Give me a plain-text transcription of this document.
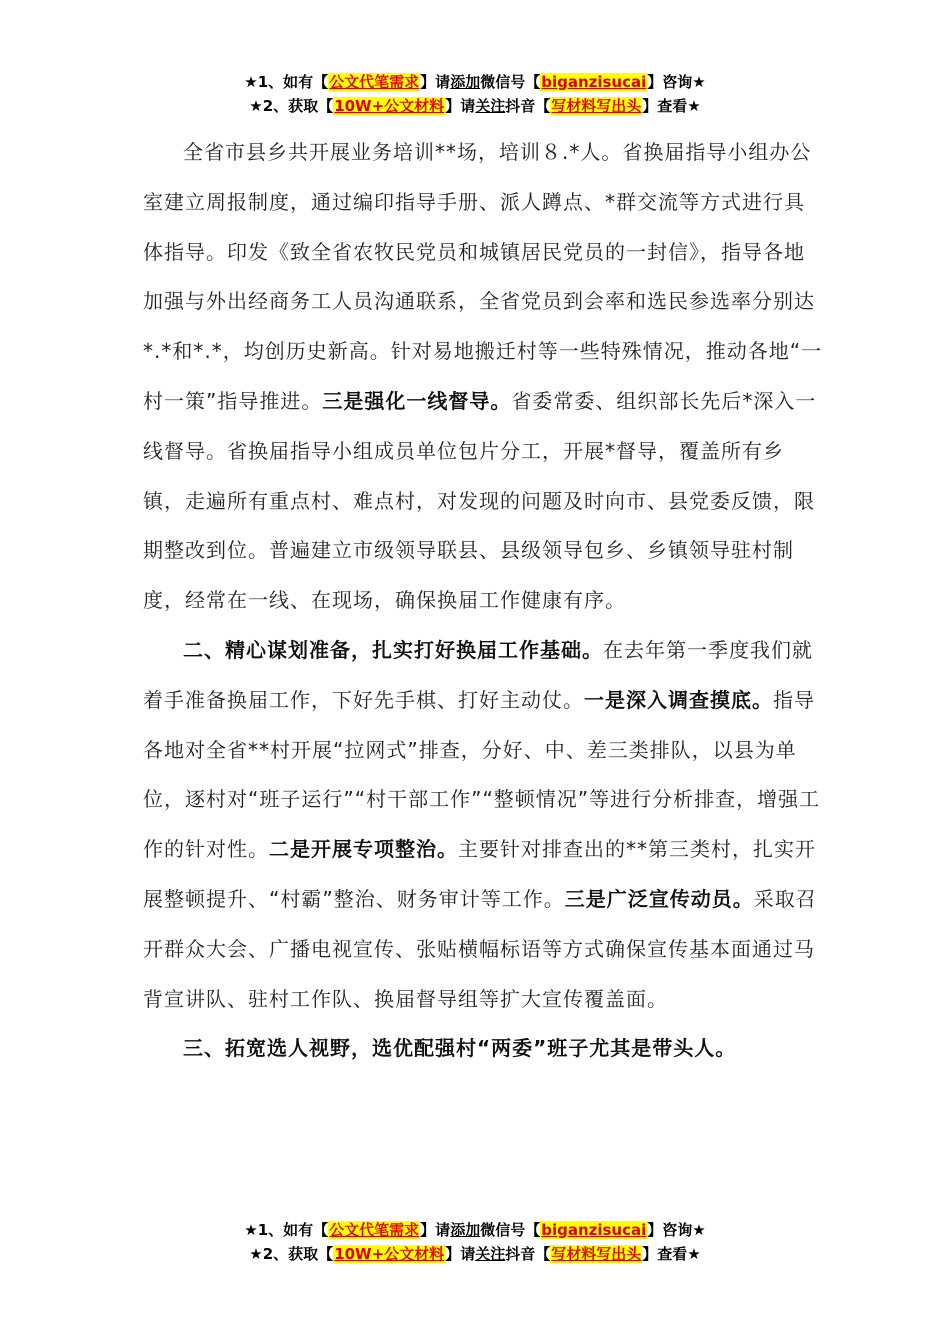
★1、如有【公文代笔需求】请添加微信号【biganzisucai】咨询★
★2、获取【10W+公文材料】请关注抖音【写材料写出头】查看★

全省市县乡共开展业务培训**场，培训８.*人。省换届指导小组办公室建立周报制度，通过编印指导手册、派人蹲点、*群交流等方式进行具体指导。印发《致全省农牧民党员和城镇居民党员的一封信》，指导各地加强与外出经商务工人员沟通联系，全省党员到会率和选民参选率分别达*.*和*.*，均创历史新高。针对易地搬迁村等一些特殊情况，推动各地“一村一策”指导推进。三是强化一线督导。省委常委、组织部长先后*深入一线督导。省换届指导小组成员单位包片分工，开展*督导，覆盖所有乡镇，走遍所有重点村、难点村，对发现的问题及时向市、县党委反馈，限期整改到位。普遍建立市级领导联县、县级领导包乡、乡镇领导驻村制度，经常在一线、在现场，确保换届工作健康有序。

二、精心谋划准备，扎实打好换届工作基础。在去年第一季度我们就着手准备换届工作，下好先手棋、打好主动仗。一是深入调查摸底。指导各地对全省**村开展“拉网式”排查，分好、中、差三类排队，以县为单位，逐村对“班子运行”“村干部工作”“整顿情况”等进行分析排查，增强工作的针对性。二是开展专项整治。主要针对排查出的**第三类村，扎实开展整顿提升、“村霸”整治、财务审计等工作。三是广泛宣传动员。采取召开群众大会、广播电视宣传、张贴横幅标语等方式确保宣传基本面通过马背宣讲队、驻村工作队、换届督导组等扩大宣传覆盖面。

三、拓宽选人视野，选优配强村“两委”班子尤其是带头人。

★1、如有【公文代笔需求】请添加微信号【biganzisucai】咨询★
★2、获取【10W+公文材料】请关注抖音【写材料写出头】查看★
